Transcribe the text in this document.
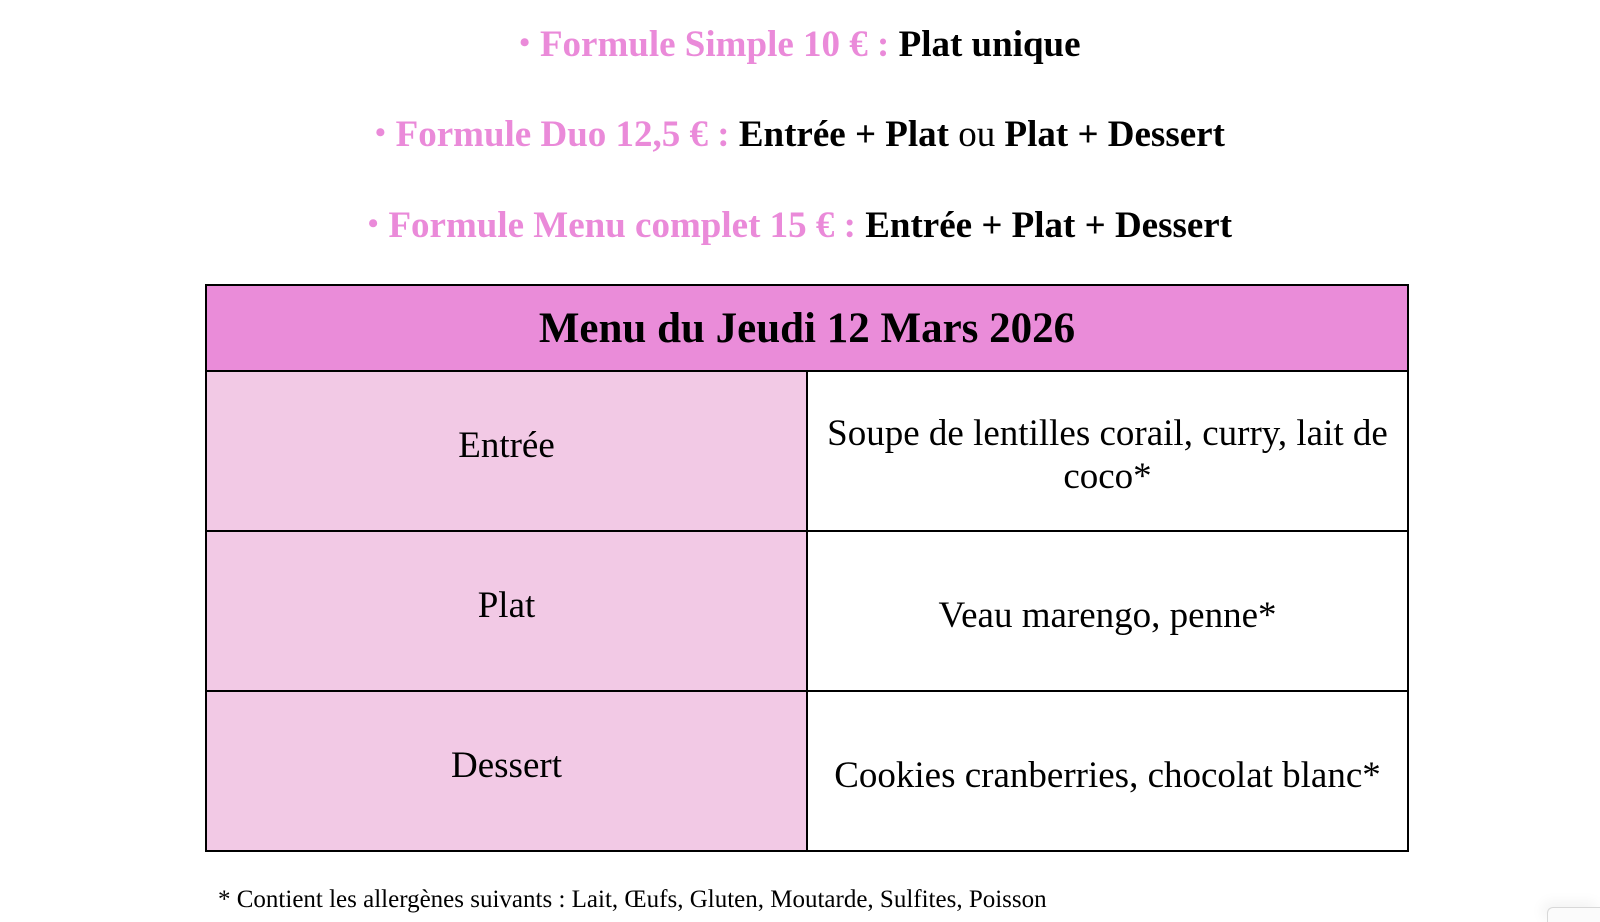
• Formule Simple 10 € : Plat unique
• Formule Duo 12,5 € : Entrée + Plat ou Plat + Dessert
• Formule Menu complet 15 € : Entrée + Plat + Dessert
Menu du Jeudi 12 Mars 2026	
Entrée	Soupe de lentilles corail, curry, lait de coco*
Plat	Veau marengo, penne*
Dessert	Cookies cranberries, chocolat blanc*
* Contient les allergènes suivants : Lait, Œufs, Gluten, Moutarde, Sulfites, Poisson
